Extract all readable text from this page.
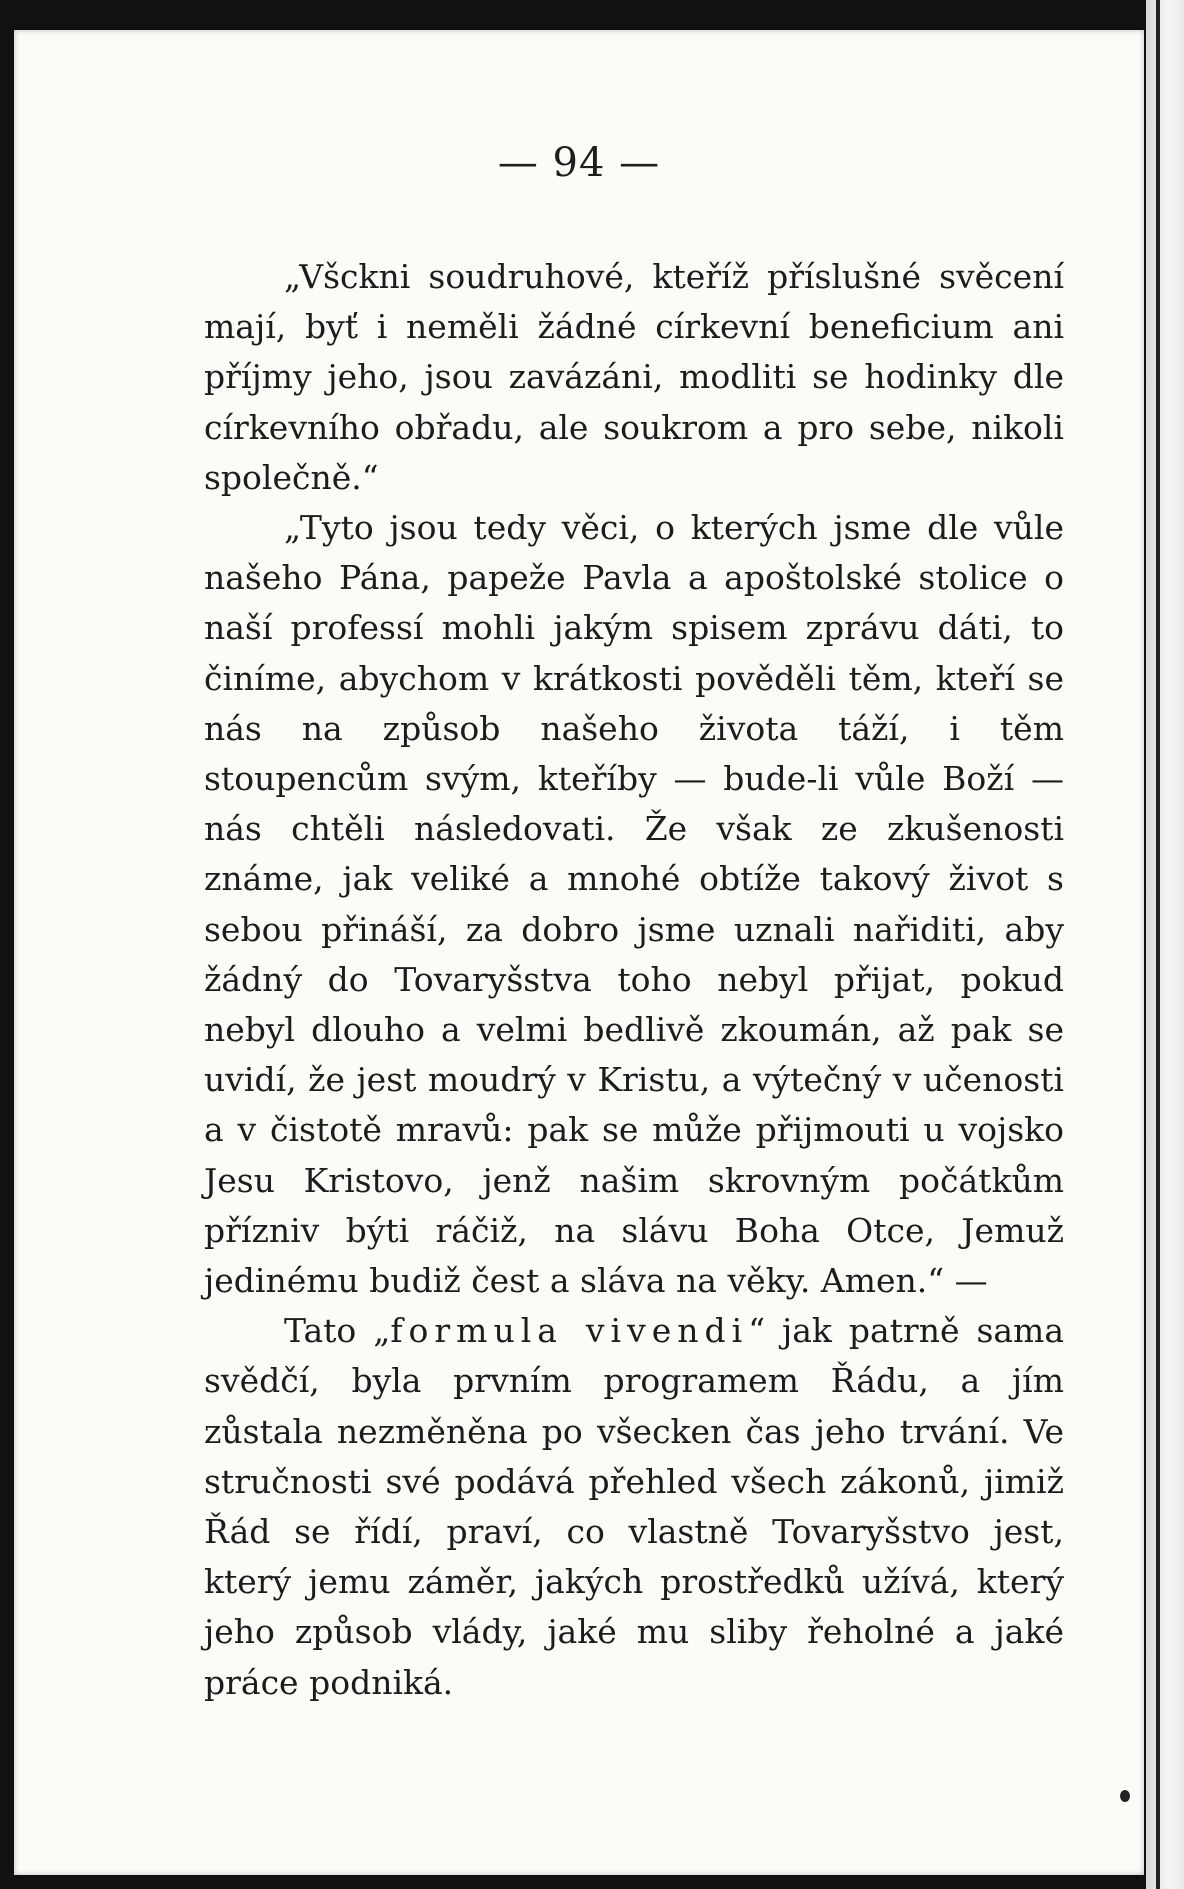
— 94 —

„Všckni soudruhové, kteříž příslušné svěcení mají, byť i neměli žádné církevní beneficium ani příjmy jeho, jsou zavázáni, modliti se hodinky dle církevního obřadu, ale soukrom a pro sebe, nikoli společně.“

„Tyto jsou tedy věci, o kterých jsme dle vůle našeho Pána, papeže Pavla a apoštolské stolice o naší professí mohli jakým spisem zprávu dáti, to činíme, abychom v krátkosti pověděli těm, kteří se nás na způsob našeho života táží, i těm stoupencům svým, kteříby — bude-li vůle Boží — nás chtěli následovati. Že však ze zkušenosti známe, jak veliké a mnohé obtíže takový život s sebou přináší, za dobro jsme uznali nařiditi, aby žádný do Tovaryšstva toho nebyl přijat, pokud nebyl dlouho a velmi bedlivě zkoumán, až pak se uvidí, že jest moudrý v Kristu, a výtečný v učenosti a v čistotě mravů: pak se může přijmouti u vojsko Jesu Kristovo, jenž našim skrovným počátkům přízniv býti ráčiž, na slávu Boha Otce, Jemuž jedinému budiž čest a sláva na věky. Amen.“ —

Tato „formula vivendi“ jak patrně sama svědčí, byla prvním programem Řádu, a jím zůstala nezměněna po všecken čas jeho trvání. Ve stručnosti své podává přehled všech zákonů, jimiž Řád se řídí, praví, co vlastně Tovaryšstvo jest, který jemu záměr, jakých prostředků užívá, který jeho způsob vlády, jaké mu sliby řeholné a jaké práce podniká.
